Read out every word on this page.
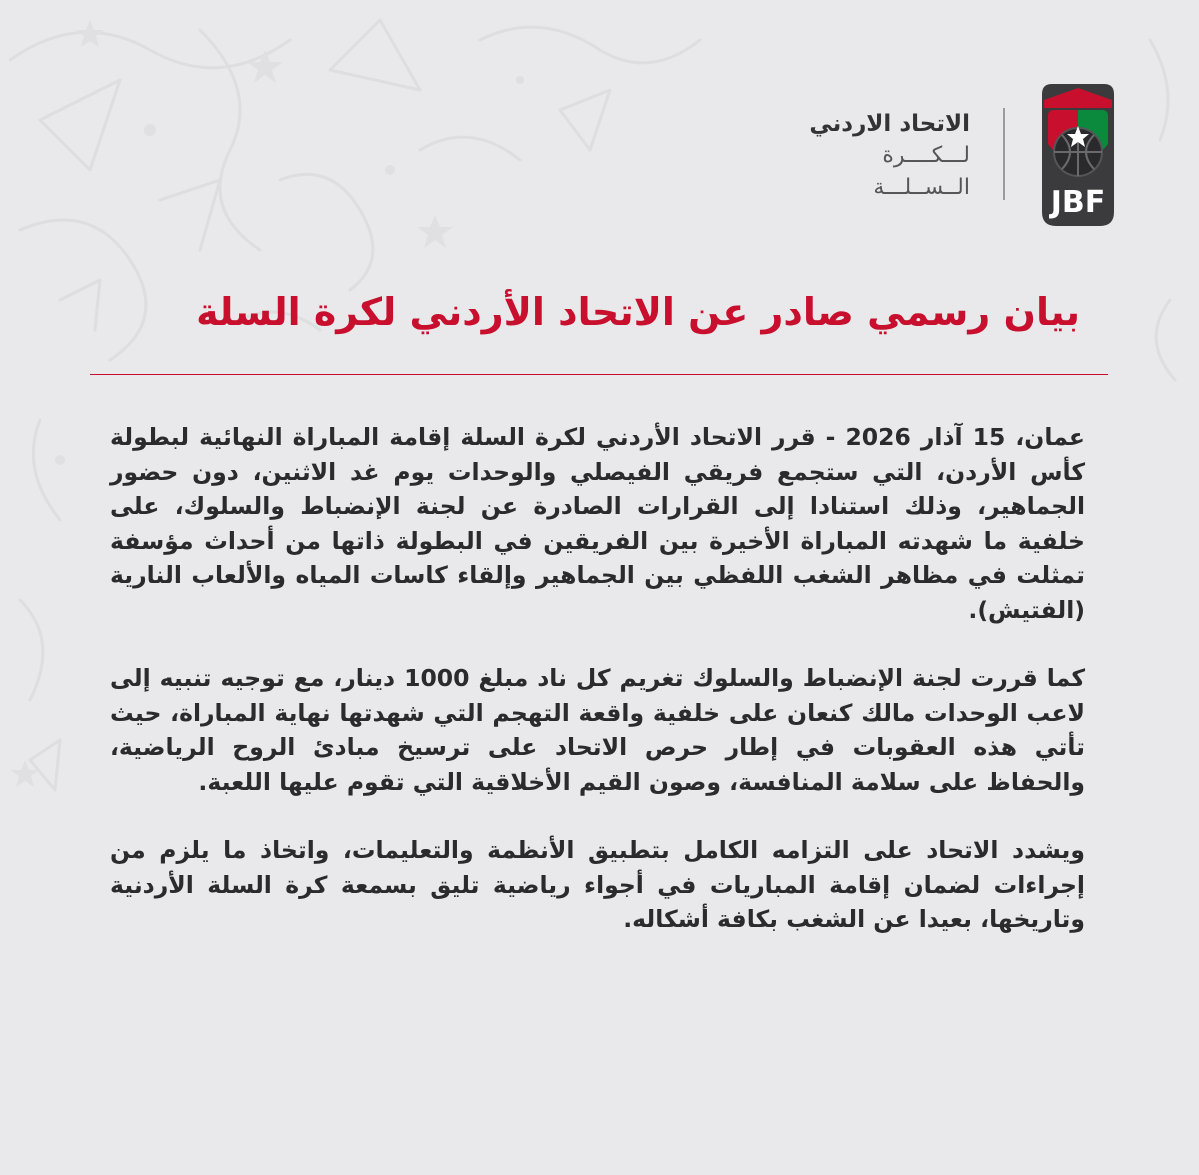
الاتحاد الاردني
لـــكــــرة
الــســلـــة	JBF
بيان رسمي صادر عن الاتحاد الأردني لكرة السلة

عمان، 15 آذار 2026 - قرر الاتحاد الأردني لكرة السلة إقامة المباراة النهائية لبطولة كأس الأردن، التي ستجمع فريقي الفيصلي والوحدات يوم غد الاثنين، دون حضور الجماهير، وذلك استنادا إلى القرارات الصادرة عن لجنة الإنضباط والسلوك، على خلفية ما شهدته المباراة الأخيرة بين الفريقين في البطولة ذاتها من أحداث مؤسفة تمثلت في مظاهر الشغب اللفظي بين الجماهير وإلقاء كاسات المياه والألعاب النارية (الفتيش).

كما قررت لجنة الإنضباط والسلوك تغريم كل ناد مبلغ 1000 دينار، مع توجيه تنبيه إلى لاعب الوحدات مالك كنعان على خلفية واقعة التهجم التي شهدتها نهاية المباراة، حيث تأتي هذه العقوبات في إطار حرص الاتحاد على ترسيخ مبادئ الروح الرياضية، والحفاظ على سلامة المنافسة، وصون القيم الأخلاقية التي تقوم عليها اللعبة.

ويشدد الاتحاد على التزامه الكامل بتطبيق الأنظمة والتعليمات، واتخاذ ما يلزم من إجراءات لضمان إقامة المباريات في أجواء رياضية تليق بسمعة كرة السلة الأردنية وتاريخها، بعيدا عن الشغب بكافة أشكاله.
